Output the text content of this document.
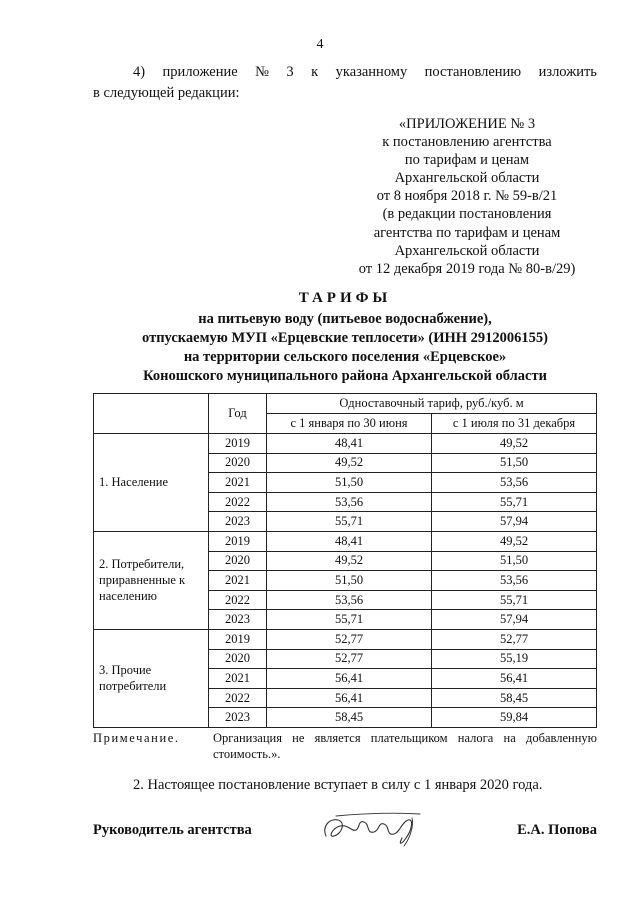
4
4) приложение № 3 к указанному постановлению изложить
в следующей редакции:
«ПРИЛОЖЕНИЕ № 3
к постановлению агентства
по тарифам и ценам
Архангельской области
от 8 ноября 2018 г. № 59-в/21
(в редакции постановления
агентства по тарифам и ценам
Архангельской области
от 12 декабря 2019 года № 80-в/29)
ТАРИФЫ
на питьевую воду (питьевое водоснабжение),
отпускаемую МУП «Ерцевские теплосети» (ИНН 2912006155)
на территории сельского поселения «Ерцевское»
Коношского муниципального района Архангельской области
	Год	Одноставочный тариф, руб./куб. м	
		с 1 января по 30 июня	с 1 июля по 31 декабря
1. Население	2019	48,41	49,52
	2020	49,52	51,50
	2021	51,50	53,56
	2022	53,56	55,71
	2023	55,71	57,94
2. Потребители, приравненные к населению	2019	48,41	49,52
	2020	49,52	51,50
	2021	51,50	53,56
	2022	53,56	55,71
	2023	55,71	57,94
3. Прочие потребители	2019	52,77	52,77
	2020	52,77	55,19
	2021	56,41	56,41
	2022	56,41	58,45
	2023	58,45	59,84
Примечание.	Организация не является плательщиком налога на добавленную стоимость.».
2. Настоящее постановление вступает в силу с 1 января 2020 года.
Руководитель агентства	Е.А. Попова
